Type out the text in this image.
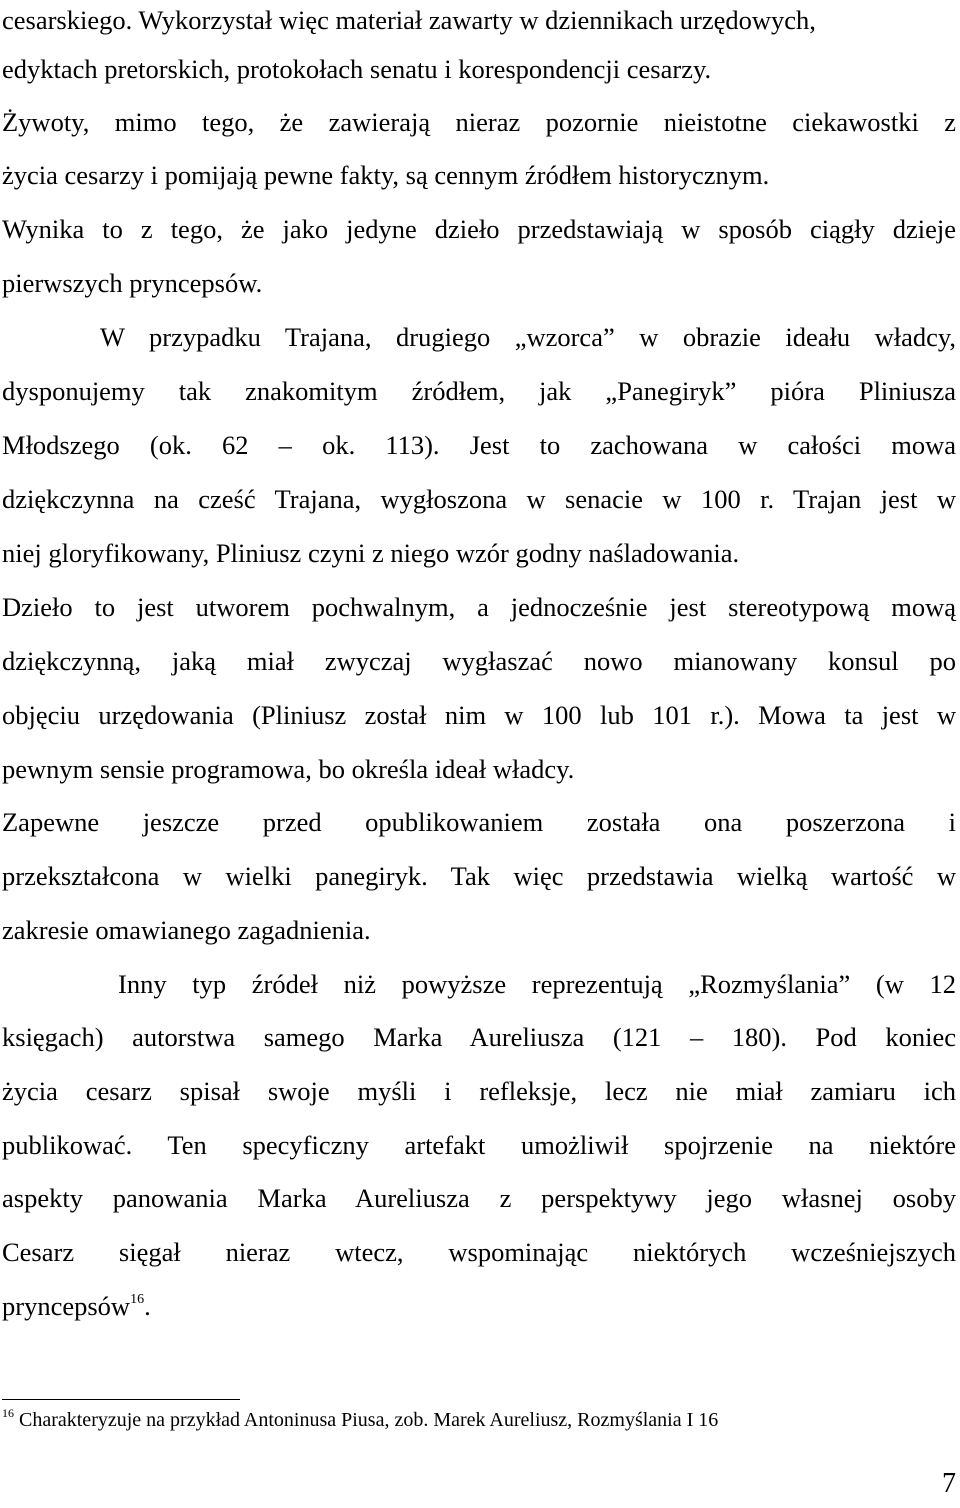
cesarskiego. Wykorzystał więc materiał zawarty w dziennikach urzędowych,
edyktach pretorskich, protokołach senatu i korespondencji cesarzy.
Żywoty, mimo tego, że zawierają nieraz pozornie nieistotne ciekawostki z
życia cesarzy i pomijają pewne fakty, są cennym źródłem historycznym.
Wynika to z tego, że jako jedyne dzieło przedstawiają w sposób ciągły dzieje
pierwszych pryncepsów.
W przypadku Trajana, drugiego „wzorca” w obrazie ideału władcy,
dysponujemy tak znakomitym źródłem, jak „Panegiryk” pióra Pliniusza
Młodszego (ok. 62 – ok. 113). Jest to zachowana w całości mowa
dziękczynna na cześć Trajana, wygłoszona w senacie w 100 r. Trajan jest w
niej gloryfikowany, Pliniusz czyni z niego wzór godny naśladowania.
Dzieło to jest utworem pochwalnym, a jednocześnie jest stereotypową mową
dziękczynną, jaką miał zwyczaj wygłaszać nowo mianowany konsul po
objęciu urzędowania (Pliniusz został nim w 100 lub 101 r.). Mowa ta jest w
pewnym sensie programowa, bo określa ideał władcy.
Zapewne jeszcze przed opublikowaniem została ona poszerzona i
przekształcona w wielki panegiryk. Tak więc przedstawia wielką wartość w
zakresie omawianego zagadnienia.
Inny typ źródeł niż powyższe reprezentują „Rozmyślania” (w 12
księgach) autorstwa samego Marka Aureliusza (121 – 180). Pod koniec
życia cesarz spisał swoje myśli i refleksje, lecz nie miał zamiaru ich
publikować. Ten specyficzny artefakt umożliwił spojrzenie na niektóre
aspekty panowania Marka Aureliusza z perspektywy jego własnej osoby
Cesarz sięgał nieraz wtecz, wspominając niektórych wcześniejszych
pryncepsów$^{16}$.
$^{16}$ Charakteryzuje na przykład Antoninusa Piusa, zob. Marek Aureliusz, Rozmyślania I 16
7
